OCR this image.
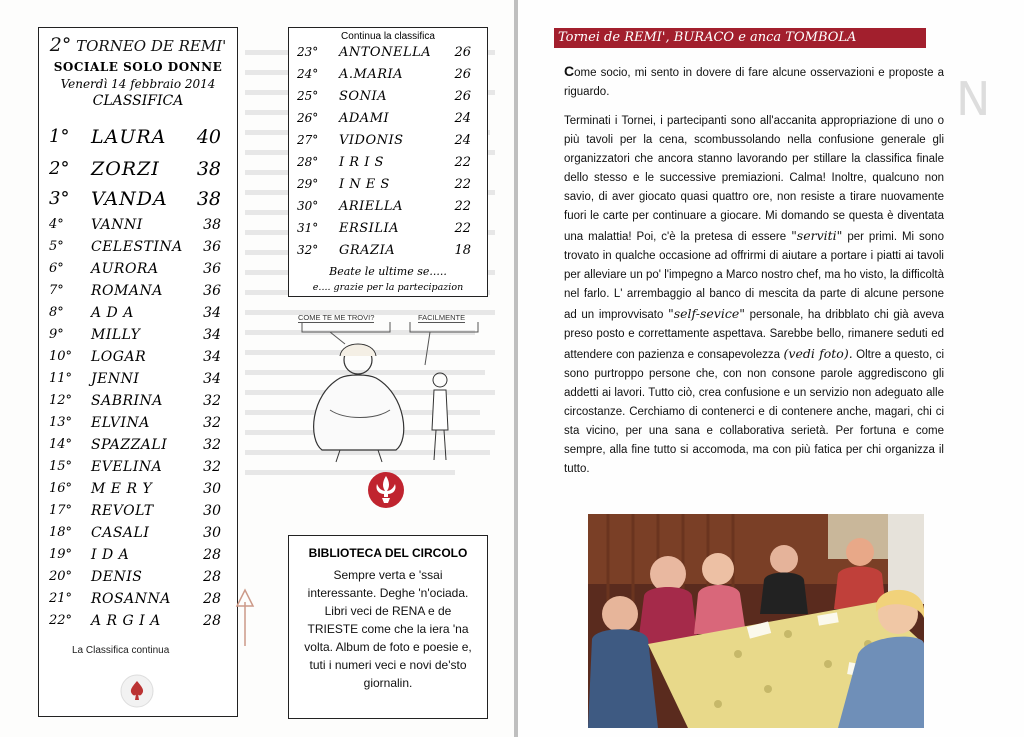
2° TORNEO DE REMI'
SOCIALE SOLO DONNE
Venerdì 14 febbraio 2014
CLASSIFICA
1° LAURA 40
2° ZORZI 38
3° VANDA 38
4° VANNI	38
5° CELESTINA 36
6° AURORA	36
7° ROMANA	36
8° A D A	34
9° MILLY	34
10° LOGAR	34
11° JENNI	34
12° SABRINA	32
13° ELVINA	32
14° SPAZZALI	32
15° EVELINA	32
16° M E R Y	30
17° REVOLT	30
18° CASALI	30
19° I D A	28
20° DENIS	28
21° ROSANNA 28
22° A R G I A	28
La Classifica continua
Continua la classifica
23° ANTONELLA 26
24° A.MARIA	26
25° SONIA	26
26° ADAMI	24
27° VIDONIS	24
28° I R I S	22
29° I N E S	22
30° ARIELLA	22
31° ERSILIA	22
32° GRAZIA	18
Beate le ultime se.....
e.... grazie per la partecipazion
COME TE ME TROVI?	FACILMENTE
BIBLIOTECA DEL CIRCOLO
Sempre verta e 'ssai interessante. Deghe 'n'ociada. Libri veci de RENA e de TRIESTE come che la iera 'na volta. Album de foto e poesie e, tuti i numeri veci e novi de'sto giornalin.
N
Tornei de REMI', BURACO e anca TOMBOLA

Come socio, mi sento in dovere di fare alcune osservazioni e proposte a riguardo.

Terminati i Tornei, i partecipanti sono all'accanita appropriazione di uno o più tavoli per la cena, scombussolando nella confusione generale gli organizzatori che ancora stanno lavorando per stillare la classifica finale dello stesso e le successive premiazioni. Calma! Inoltre, qualcuno non savio, di aver giocato quasi quattro ore, non resiste a tirare nuovamente fuori le carte per continuare a giocare. Mi domando se questa è diventata una malattia! Poi, c'è la pretesa di essere "serviti" per primi. Mi sono trovato in qualche occasione ad offrirmi di aiutare a portare i piatti ai tavoli per alleviare un po' l'impegno a Marco nostro chef, ma ho visto, la difficoltà nel farlo. L' arrembaggio al banco di mescita da parte di alcune persone ad un improvvisato "self-sevice" personale, ha dribblato chi già aveva preso posto e correttamente aspettava. Sarebbe bello, rimanere seduti ed attendere con pazienza e consapevolezza (vedi foto). Oltre a questo, ci sono purtroppo persone che, con non consone parole aggrediscono gli addetti ai lavori. Tutto ciò, crea confusione e un servizio non adeguato alle circostanze. Cerchiamo di contenerci e di contenere anche, magari, chi ci sta vicino, per una sana e collaborativa serietà. Per fortuna e come sempre, alla fine tutto si accomoda, ma con più fatica per chi organizza il tutto.
